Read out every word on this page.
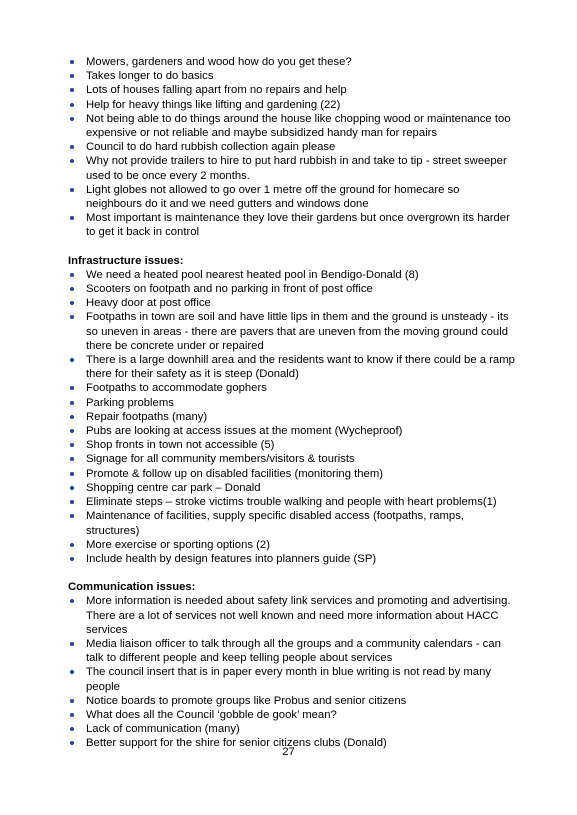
Mowers, gardeners and wood how do you get these?
Takes longer to do basics
Lots of houses falling apart from no repairs and help
Help for heavy things like lifting and gardening (22)
Not being able to do things around the house like chopping wood or maintenance too expensive or not reliable and maybe subsidized handy man for repairs
Council to do hard rubbish collection again please
Why not provide trailers to hire to put hard rubbish in and take to tip - street sweeper used to be once every 2 months.
Light globes not allowed to go over 1 metre off the ground for homecare so neighbours do it and we need gutters and windows done
Most important is maintenance they love their gardens but once overgrown its harder to get it back in control
Infrastructure issues:
We need a heated pool nearest heated pool in Bendigo-Donald (8)
Scooters on footpath and no parking in front of post office
Heavy door at post office
Footpaths in town are soil and have little lips in them and the ground is unsteady - its so uneven in areas - there are pavers that are uneven from the moving ground could there be concrete under or repaired
There is a large downhill area and the residents want to know if there could be a ramp there for their safety as it is steep (Donald)
Footpaths to accommodate gophers
Parking problems
Repair footpaths (many)
Pubs are looking at access issues at the moment (Wycheproof)
Shop fronts in town not accessible (5)
Signage for all community members/visitors & tourists
Promote & follow up on disabled facilities (monitoring them)
Shopping centre car park – Donald
Eliminate steps – stroke victims trouble walking and people with heart problems(1)
Maintenance of facilities, supply specific disabled access (footpaths, ramps, structures)
More exercise or sporting options (2)
Include health by design features into planners guide (SP)
Communication issues:
More information is needed about safety link services and promoting and advertising. There are a lot of services not well known and need more information about HACC services
Media liaison officer to talk through all the groups and a community calendars - can talk to different people and keep telling people about services
The council insert that is in paper every month in blue writing is not read by many people
Notice boards to promote groups like Probus and senior citizens
What does all the Council ‘gobble de gook’ mean?
Lack of communication (many)
Better support for the shire for senior citizens clubs (Donald)
27
